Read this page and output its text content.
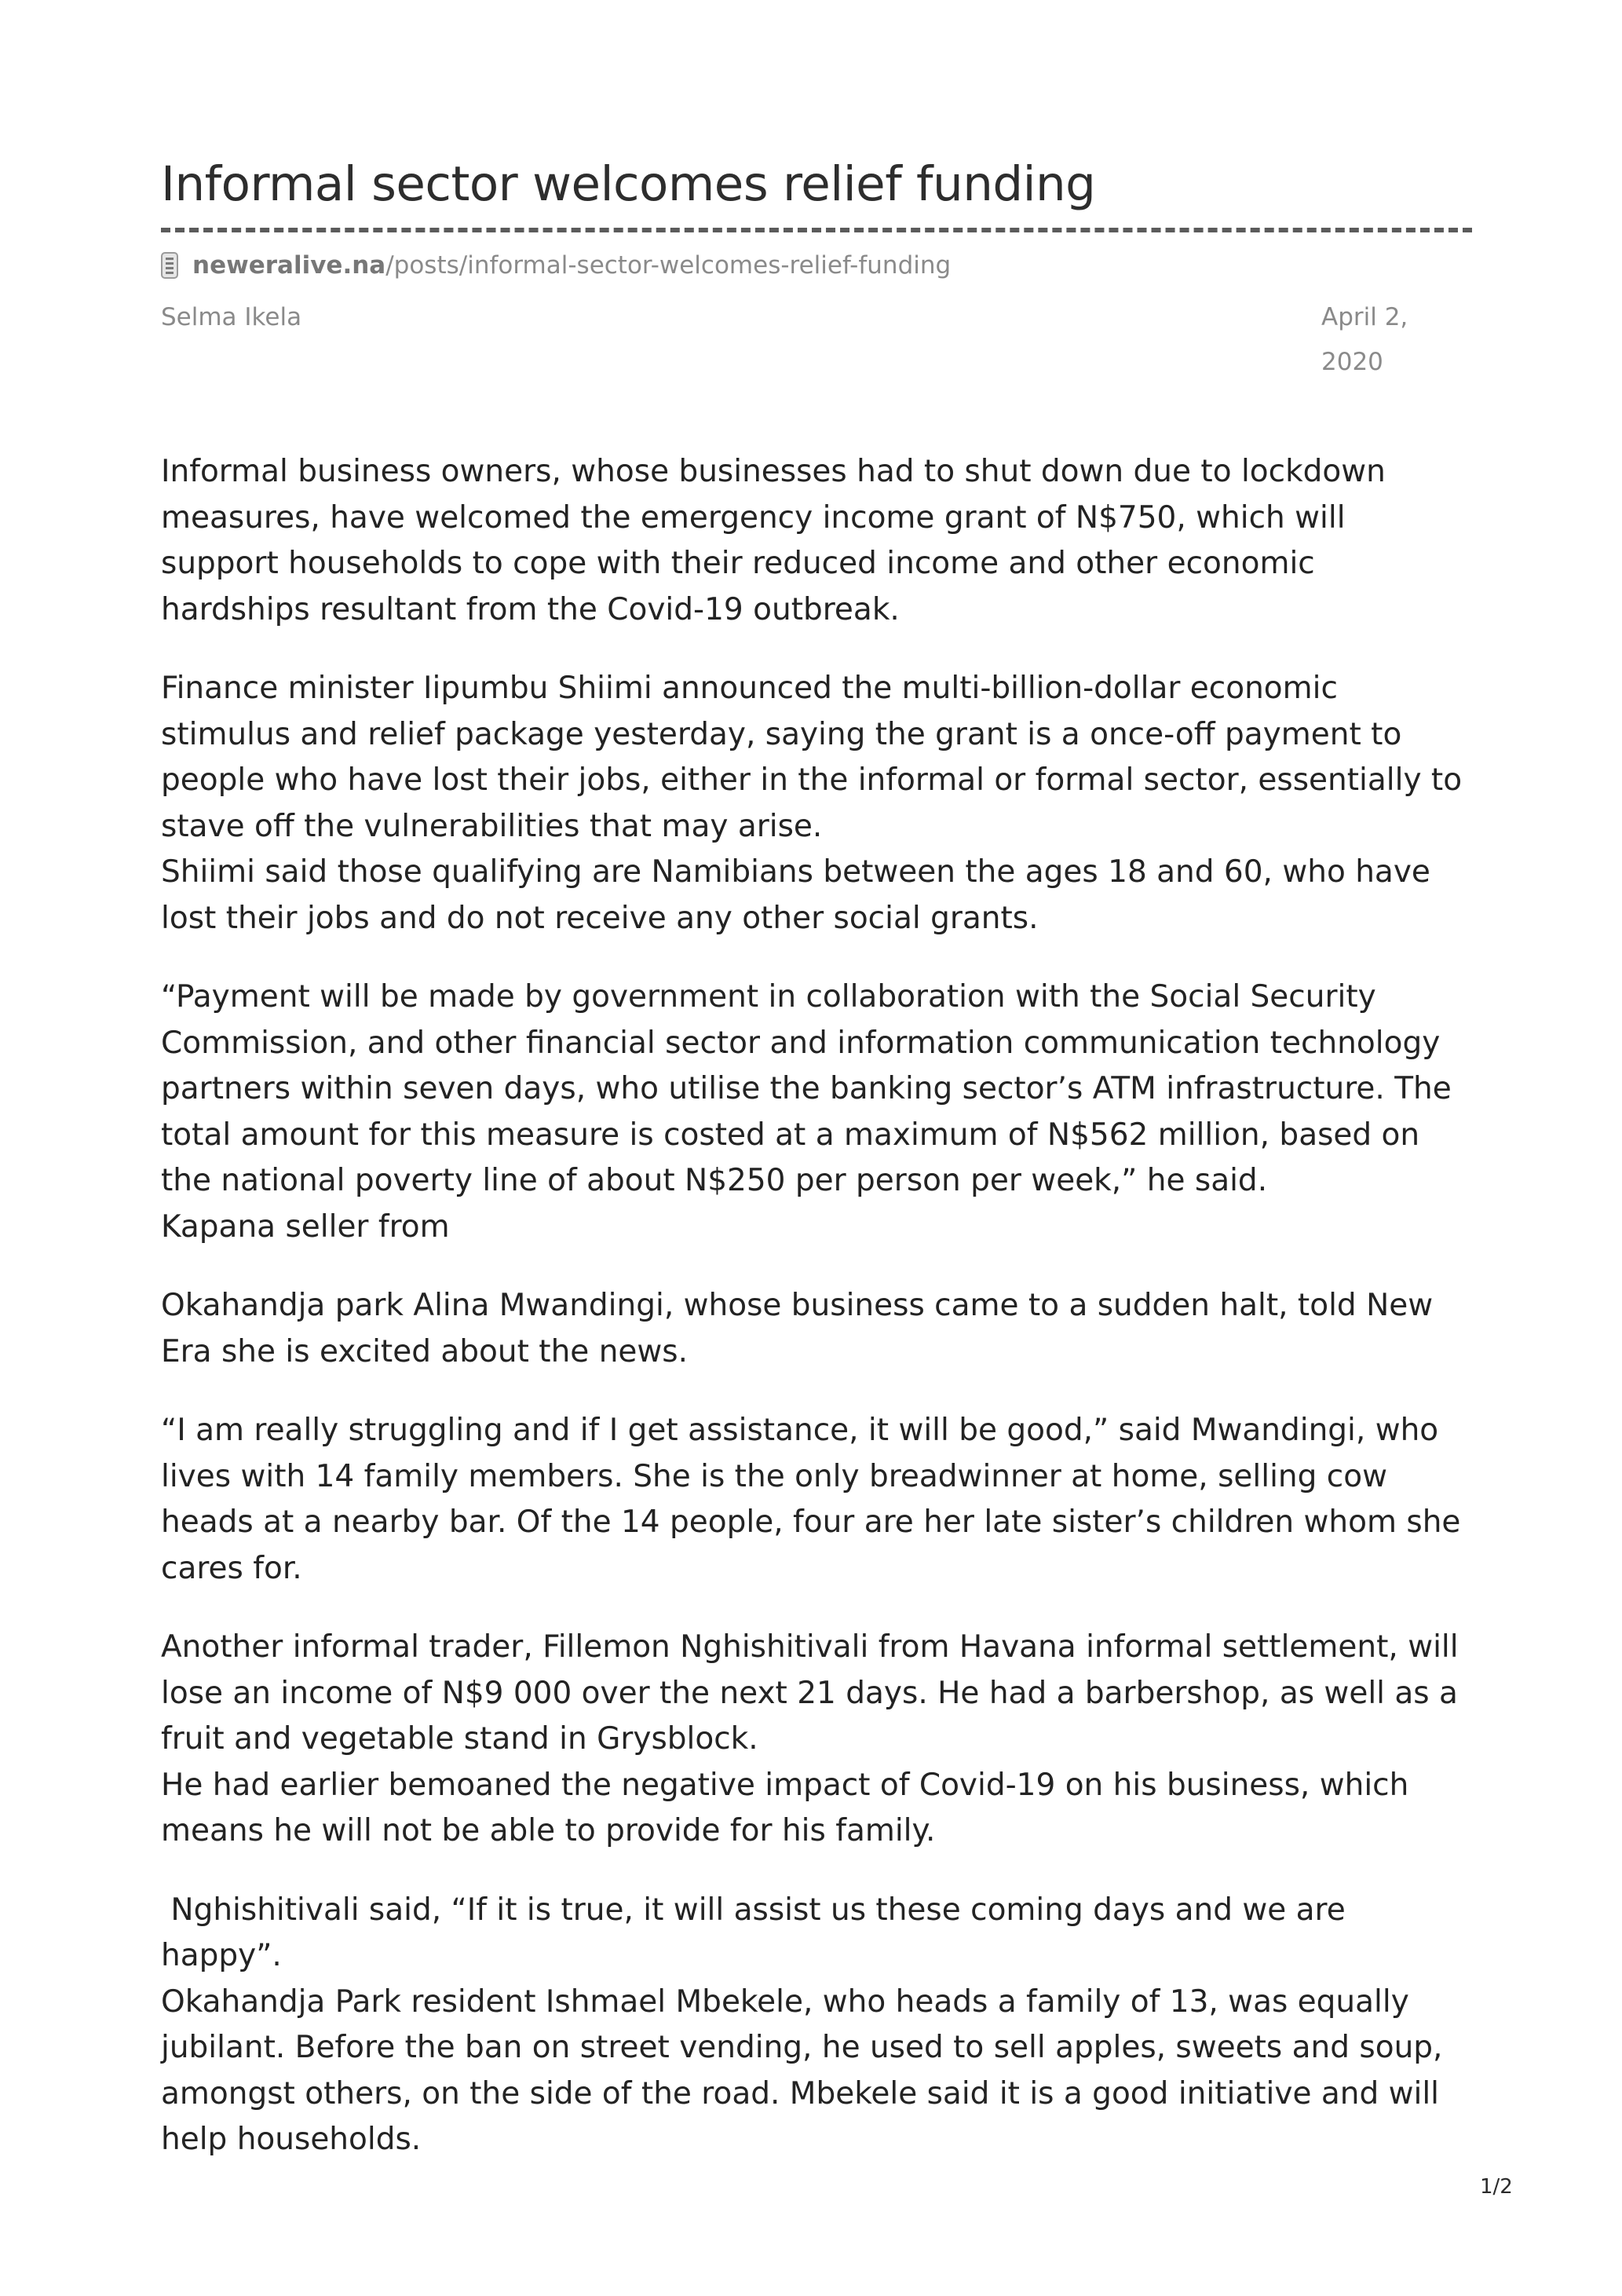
Informal sector welcomes relief funding
neweralive.na /posts/informal-sector-welcomes-relief-funding
Selma Ikela	April 2,
2020

Informal business owners, whose businesses had to shut down due to lockdown measures, have welcomed the emergency income grant of N$750, which will support households to cope with their reduced income and other economic hardships resultant from the Covid-19 outbreak.

Finance minister Iipumbu Shiimi announced the multi-billion-dollar economic stimulus and relief package yesterday, saying the grant is a once-off payment to people who have lost their jobs, either in the informal or formal sector, essentially to stave off the vulnerabilities that may arise.
Shiimi said those qualifying are Namibians between the ages 18 and 60, who have lost their jobs and do not receive any other social grants.

“Payment will be made by government in collaboration with the Social Security Commission, and other financial sector and information communication technology partners within seven days, who utilise the banking sector’s ATM infrastructure. The total amount for this measure is costed at a maximum of N$562 million, based on the national poverty line of about N$250 per person per week,” he said.
Kapana seller from

Okahandja park Alina Mwandingi, whose business came to a sudden halt, told New Era she is excited about the news.

“I am really struggling and if I get assistance, it will be good,” said Mwandingi, who lives with 14 family members. She is the only breadwinner at home, selling cow heads at a nearby bar. Of the 14 people, four are her late sister’s children whom she cares for.

Another informal trader, Fillemon Nghishitivali from Havana informal settlement, will lose an income of N$9 000 over the next 21 days. He had a barbershop, as well as a fruit and vegetable stand in Grysblock.
He had earlier bemoaned the negative impact of Covid-19 on his business, which means he will not be able to provide for his family.

Nghishitivali said, “If it is true, it will assist us these coming days and we are happy”.
Okahandja Park resident Ishmael Mbekele, who heads a family of 13, was equally jubilant. Before the ban on street vending, he used to sell apples, sweets and soup, amongst others, on the side of the road. Mbekele said it is a good initiative and will help households.

1/2
